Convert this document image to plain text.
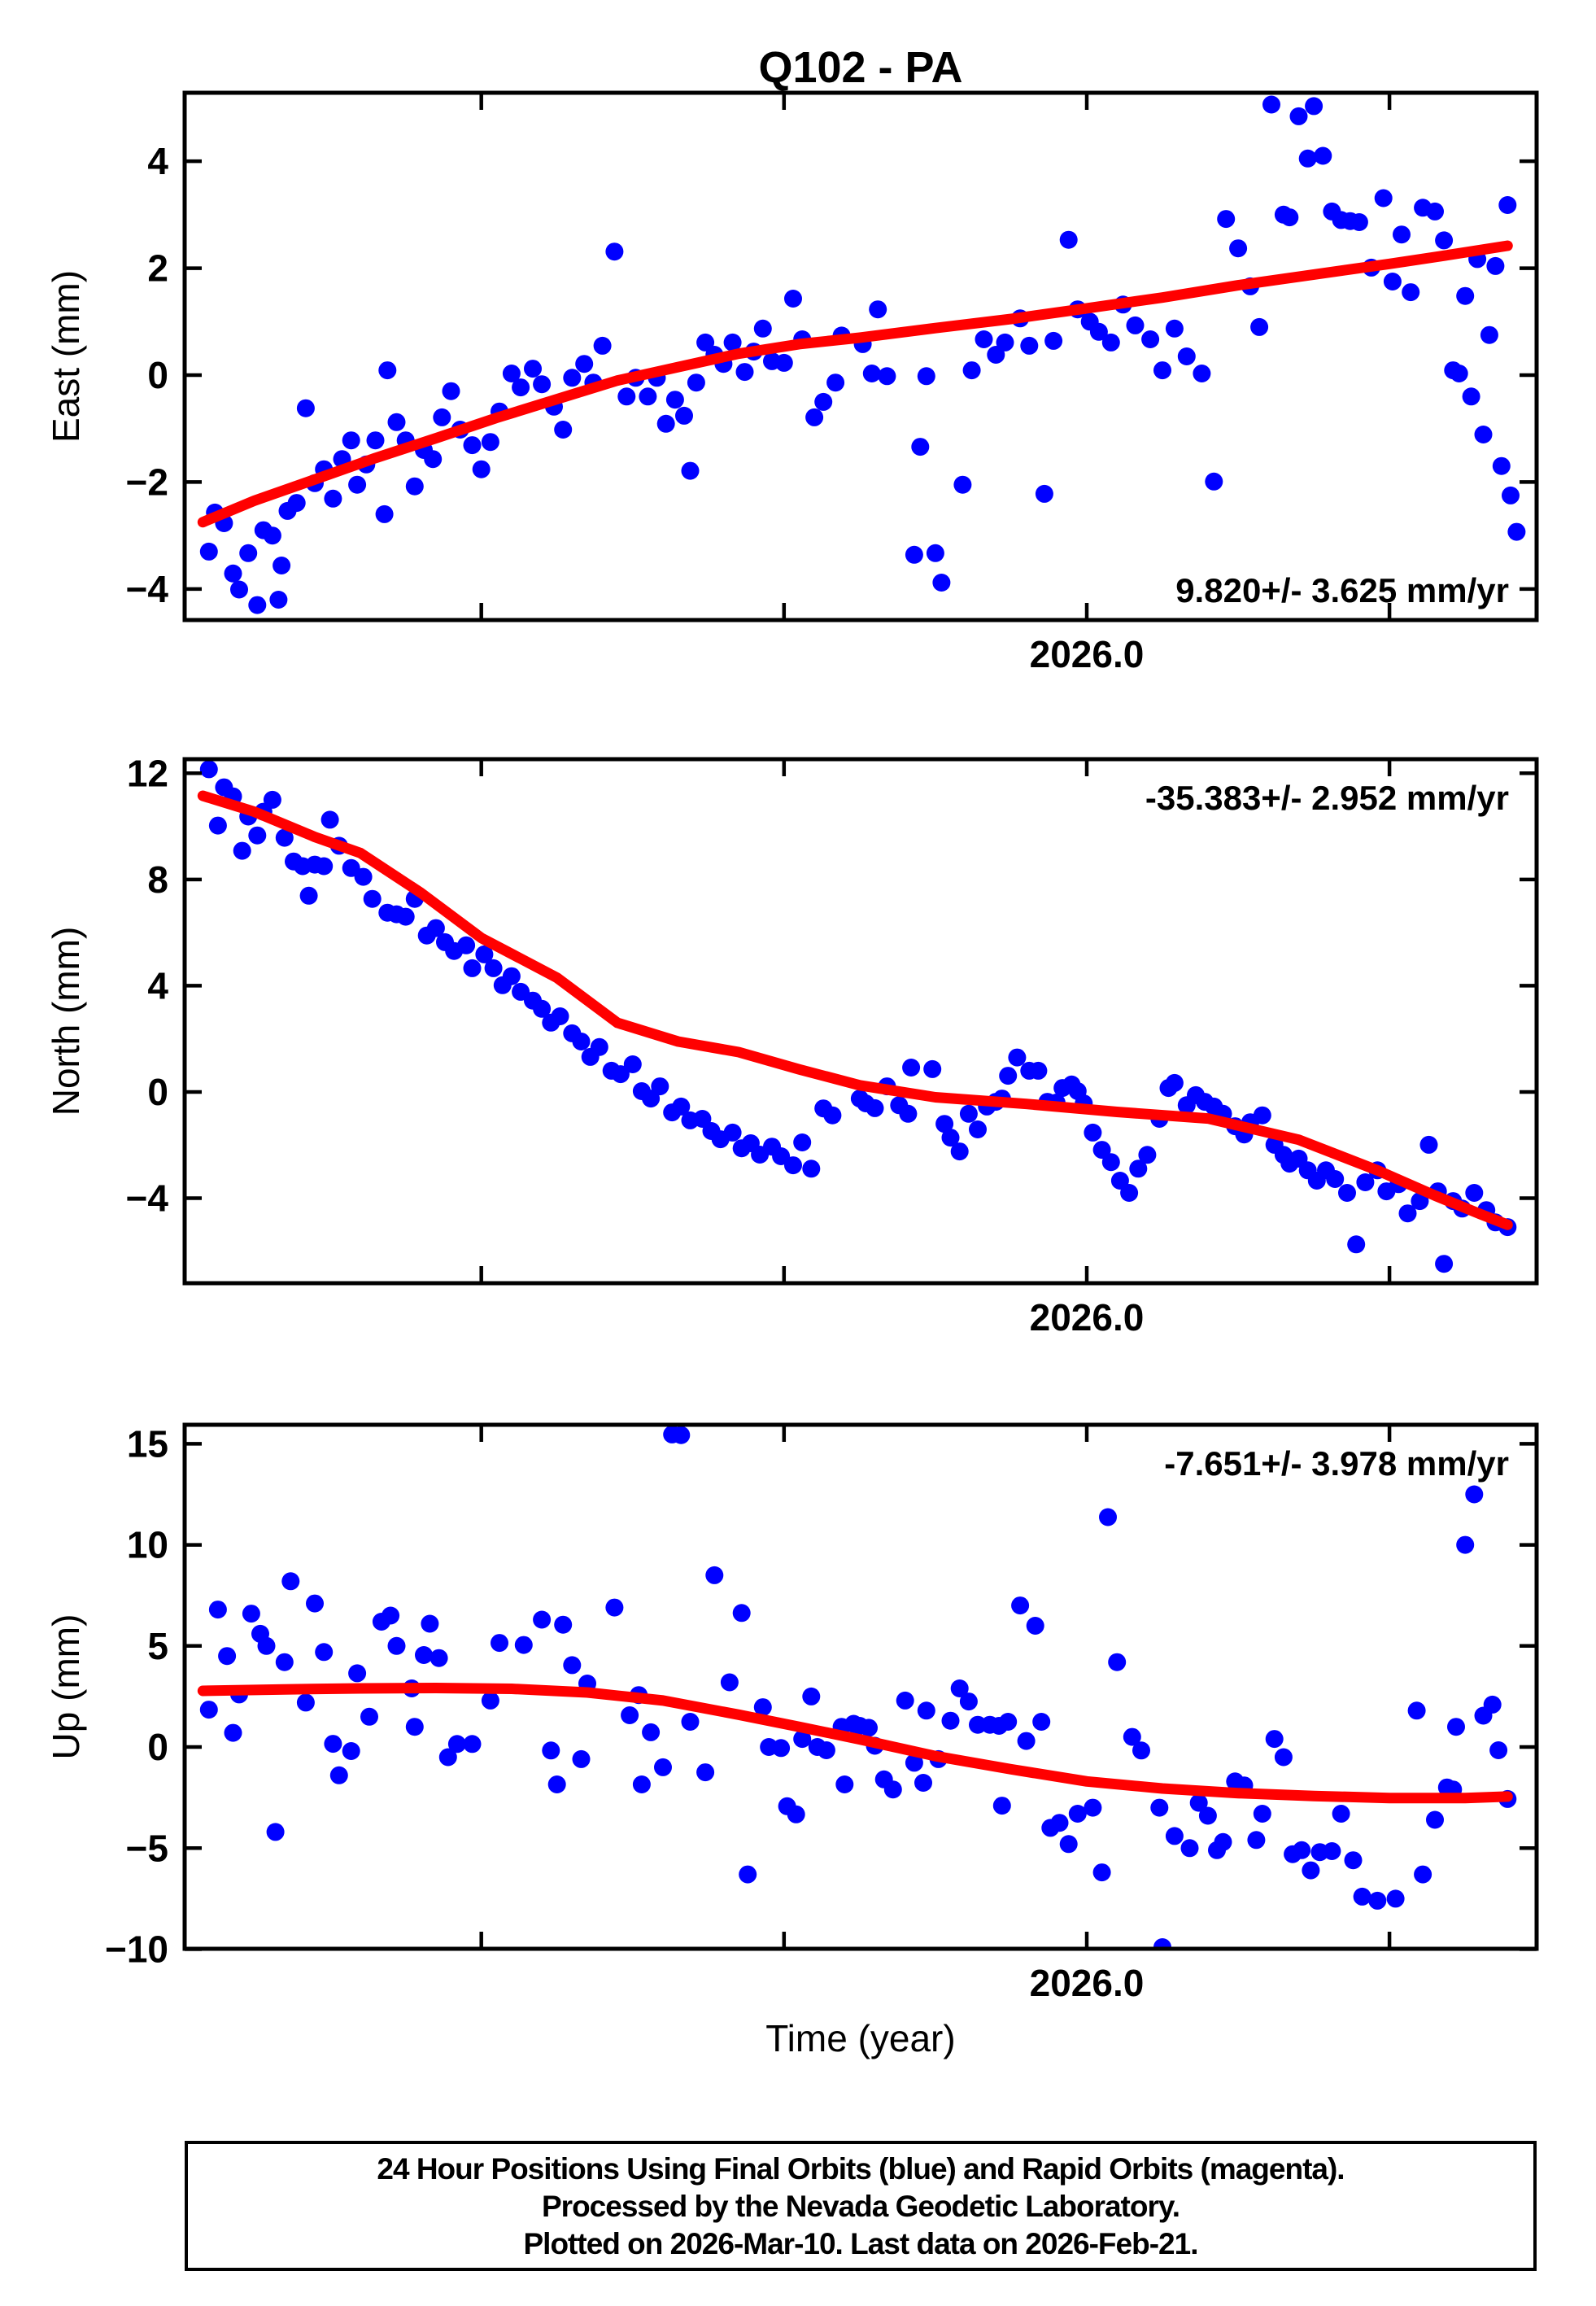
Q102 - PA
2026.0
4
2
0
−2
−4
East (mm)
9.820+/- 3.625 mm/yr
2026.0
12
8
4
0
−4
North (mm)
-35.383+/- 2.952 mm/yr
2026.0
15
10
5
0
−5
−10
Up (mm)
-7.651+/- 3.978 mm/yr
Time (year)
24 Hour Positions Using Final Orbits (blue) and Rapid Orbits (magenta).
Processed by the Nevada Geodetic Laboratory.
Plotted on 2026-Mar-10. Last data on 2026-Feb-21.
